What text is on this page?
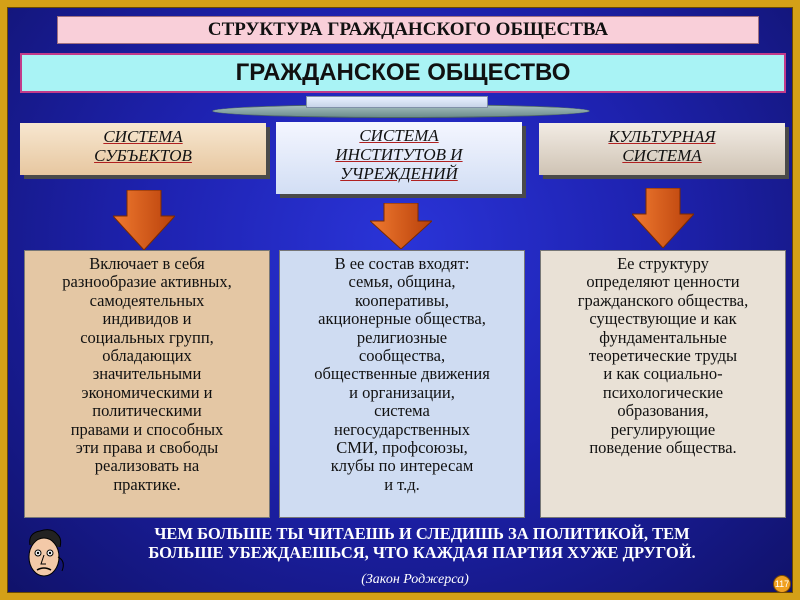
СТРУКТУРА ГРАЖДАНСКОГО ОБЩЕСТВА
ГРАЖДАНСКОЕ ОБЩЕСТВО
СИСТЕМА
СУБЪЕКТОВ
СИСТЕМА
ИНСТИТУТОВ И
УЧРЕЖДЕНИЙ
КУЛЬТУРНАЯ
СИСТЕМА
Включает в себя
разнообразие активных,
самодеятельных
индивидов и
социальных групп,
обладающих
значительными
экономическими и
политическими
правами и способных
эти права и свободы
реализовать на
практике.
В ее состав входят:
семья, община,
кооперативы,
акционерные общества,
религиозные
сообщества,
общественные движения
и организации,
система
негосударственных
СМИ, профсоюзы,
клубы по интересам
и т.д.
Ее структуру
определяют ценности
гражданского общества,
существующие и как
фундаментальные
теоретические труды
и как социально-
психологические
образования,
регулирующие
поведение общества.
ЧЕМ БОЛЬШЕ ТЫ ЧИТАЕШЬ И СЛЕДИШЬ ЗА ПОЛИТИКОЙ, ТЕМ
БОЛЬШЕ УБЕЖДАЕШЬСЯ, ЧТО КАЖДАЯ ПАРТИЯ ХУЖЕ ДРУГОЙ.
(Закон Роджерса)	117
